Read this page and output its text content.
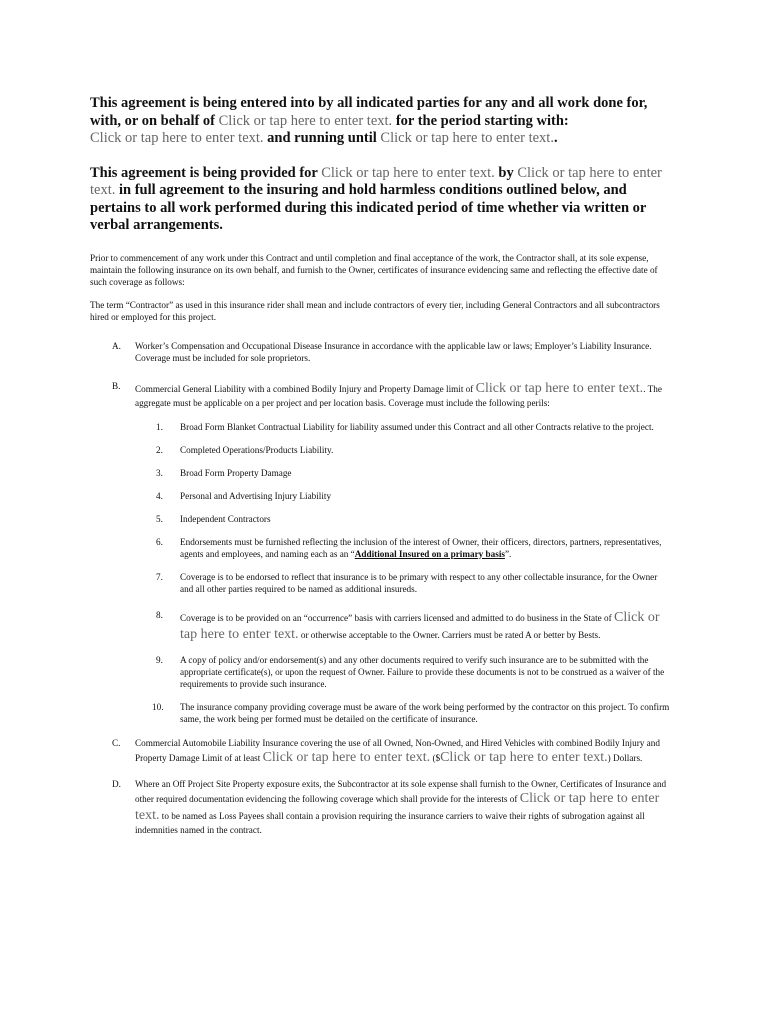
This agreement is being entered into by all indicated parties for any and all work done for, with, or on behalf of Click or tap here to enter text. for the period starting with:
Click or tap here to enter text. and running until Click or tap here to enter text..

This agreement is being provided for Click or tap here to enter text. by Click or tap here to enter text. in full agreement to the insuring and hold harmless conditions outlined below, and pertains to all work performed during this indicated period of time whether via written or verbal arrangements.

Prior to commencement of any work under this Contract and until completion and final acceptance of the work, the Contractor shall, at its sole expense, maintain the following insurance on its own behalf, and furnish to the Owner, certificates of insurance evidencing same and reflecting the effective date of such coverage as follows:

The term “Contractor” as used in this insurance rider shall mean and include contractors of every tier, including General Contractors and all subcontractors hired or employed for this project.

A. Worker’s Compensation and Occupational Disease Insurance in accordance with the applicable law or laws; Employer’s Liability Insurance. Coverage must be included for sole proprietors.
B. Commercial General Liability with a combined Bodily Injury and Property Damage limit of Click or tap here to enter text.. The aggregate must be applicable on a per project and per location basis. Coverage must include the following perils:
1. Broad Form Blanket Contractual Liability for liability assumed under this Contract and all other Contracts relative to the project.
2. Completed Operations/Products Liability.
3. Broad Form Property Damage
4. Personal and Advertising Injury Liability
5. Independent Contractors
6. Endorsements must be furnished reflecting the inclusion of the interest of Owner, their officers, directors, partners, representatives, agents and employees, and naming each as an “Additional Insured on a primary basis”.
7. Coverage is to be endorsed to reflect that insurance is to be primary with respect to any other collectable insurance, for the Owner and all other parties required to be named as additional insureds.
8. Coverage is to be provided on an “occurrence” basis with carriers licensed and admitted to do business in the State of Click or tap here to enter text. or otherwise acceptable to the Owner. Carriers must be rated A or better by Bests.
9. A copy of policy and/or endorsement(s) and any other documents required to verify such insurance are to be submitted with the appropriate certificate(s), or upon the request of Owner. Failure to provide these documents is not to be construed as a waiver of the requirements to provide such insurance.
10. The insurance company providing coverage must be aware of the work being performed by the contractor on this project. To confirm same, the work being per formed must be detailed on the certificate of insurance.
C. Commercial Automobile Liability Insurance covering the use of all Owned, Non-Owned, and Hired Vehicles with combined Bodily Injury and Property Damage Limit of at least Click or tap here to enter text. ($Click or tap here to enter text.) Dollars.
D. Where an Off Project Site Property exposure exits, the Subcontractor at its sole expense shall furnish to the Owner, Certificates of Insurance and other required documentation evidencing the following coverage which shall provide for the interests of Click or tap here to enter text. to be named as Loss Payees shall contain a provision requiring the insurance carriers to waive their rights of subrogation against all indemnities named in the contract.
